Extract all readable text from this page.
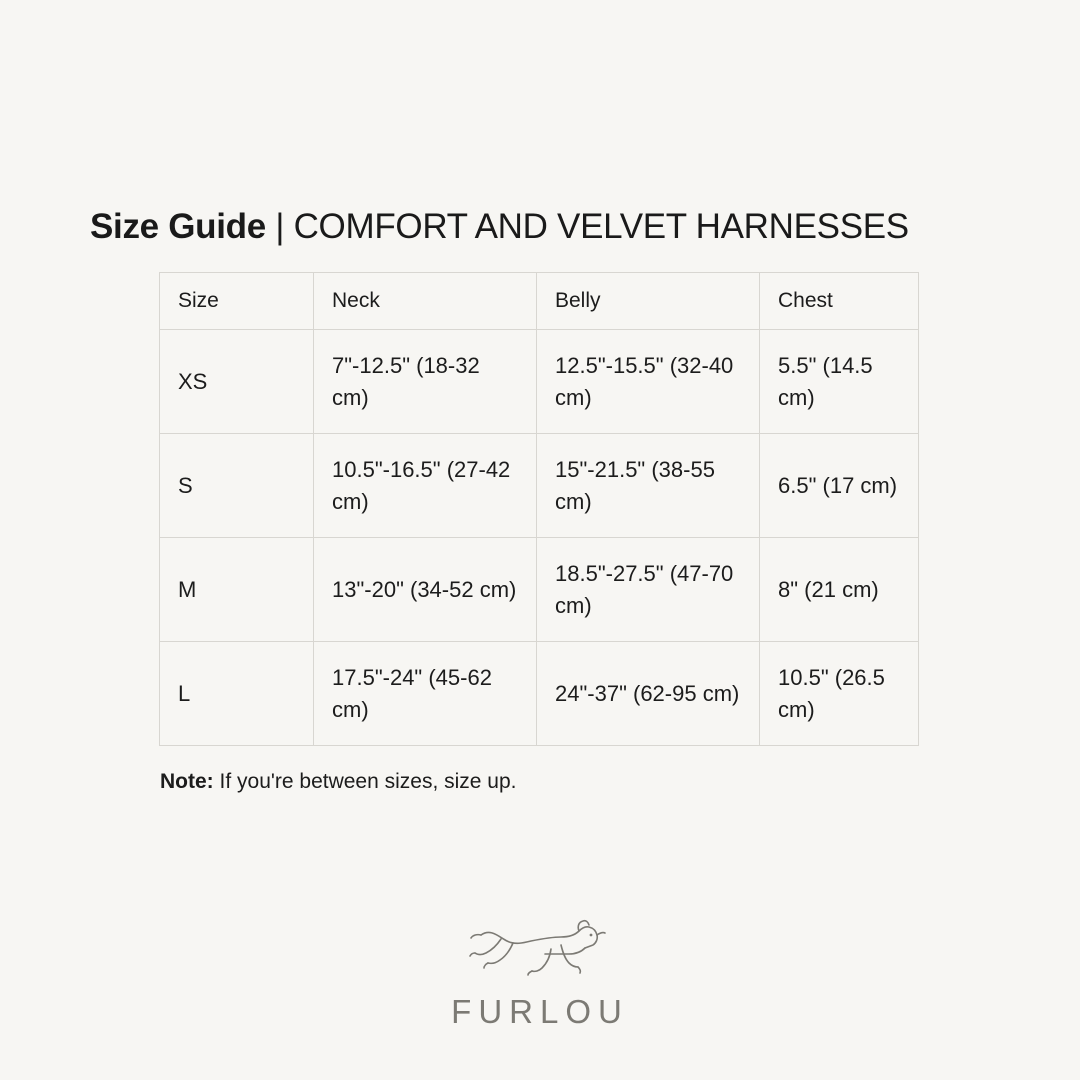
Size Guide | COMFORT AND VELVET HARNESSES
Size	Neck	Belly	Chest
XS	7"-12.5" (18-32 cm)	12.5"-15.5" (32-40 cm)	5.5" (14.5 cm)
S	10.5"-16.5" (27-42 cm)	15"-21.5" (38-55 cm)	6.5" (17 cm)
M	13"-20" (34-52 cm)	18.5"-27.5" (47-70 cm)	8" (21 cm)
L	17.5"-24" (45-62 cm)	24"-37" (62-95 cm)	10.5" (26.5 cm)

Note: If you're between sizes, size up.

FURLOU
